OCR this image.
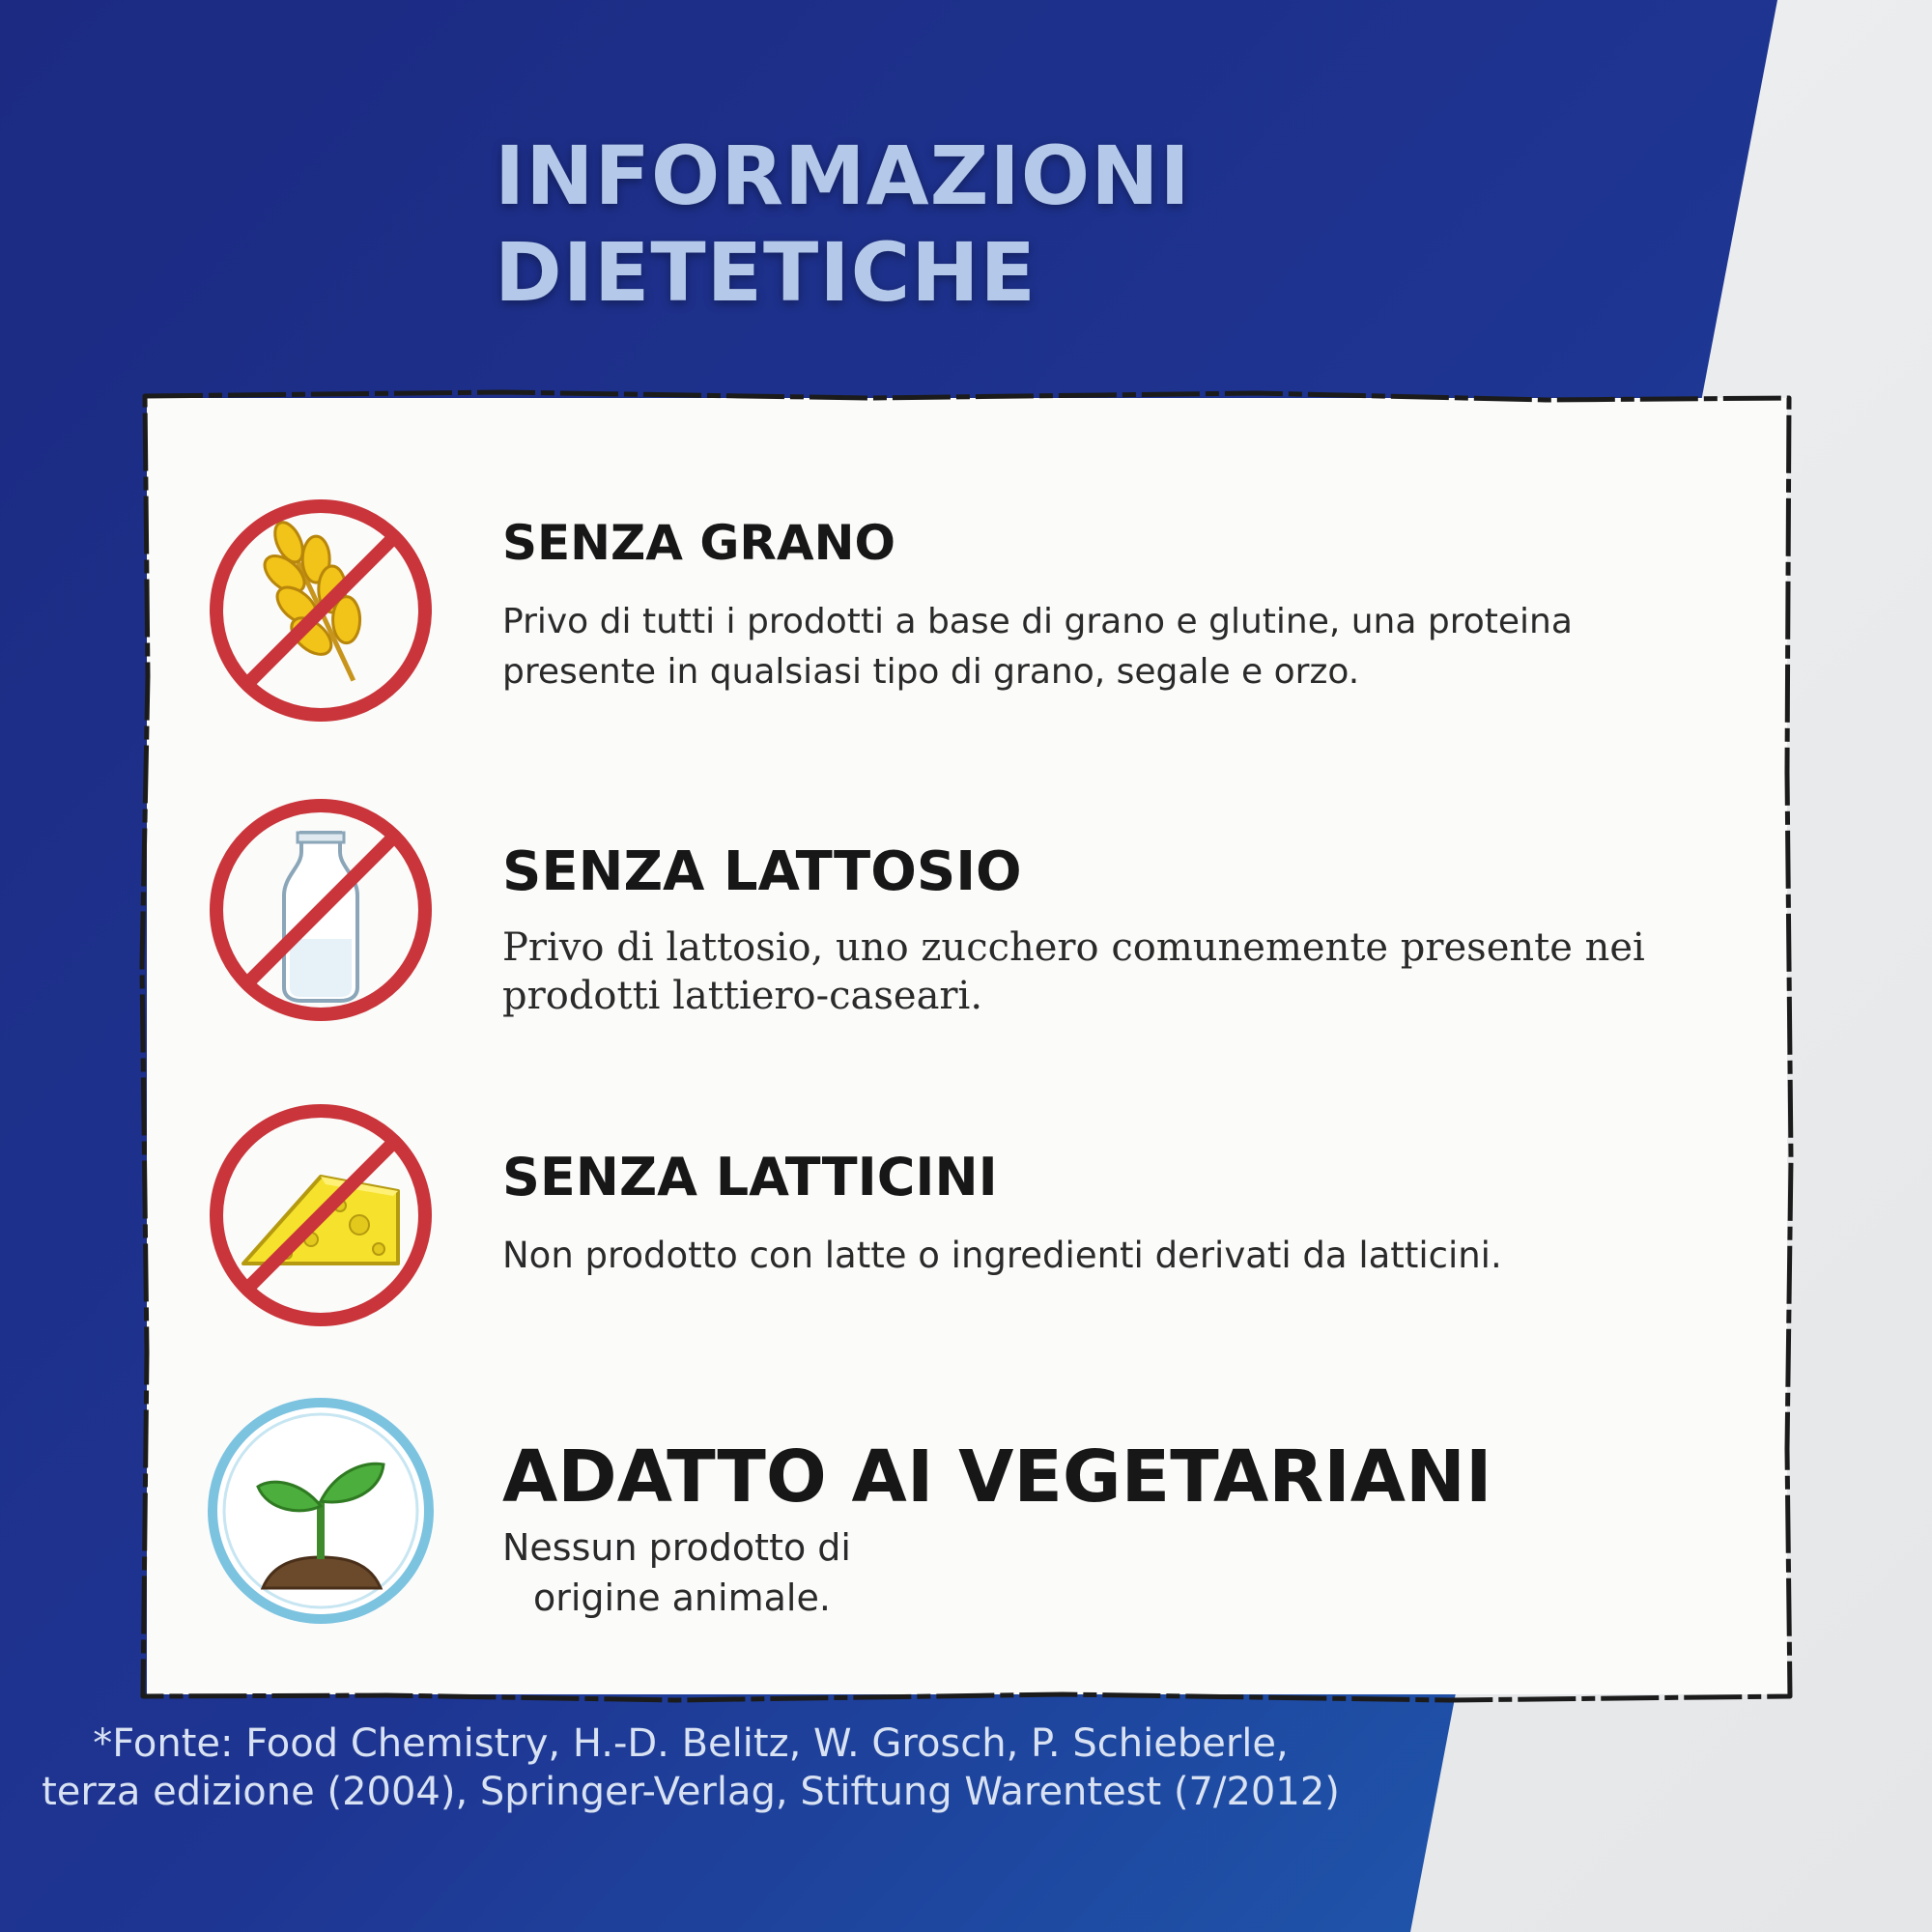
INFORMAZIONI
DIETETICHE
SENZA GRANO

Privo di tutti i prodotti a base di grano e glutine, una proteina presente in qualsiasi tipo di grano, segale e orzo.

SENZA LATTOSIO

Privo di lattosio, uno zucchero comunemente presente nei prodotti lattiero-caseari.

SENZA LATTICINI

Non prodotto con latte o ingredienti derivati da latticini.

ADATTO AI VEGETARIANI

Nessun prodotto di
origine animale.

*Fonte: Food Chemistry, H.-D. Belitz, W. Grosch, P. Schieberle,
terza edizione (2004), Springer-Verlag, Stiftung Warentest (7/2012)
